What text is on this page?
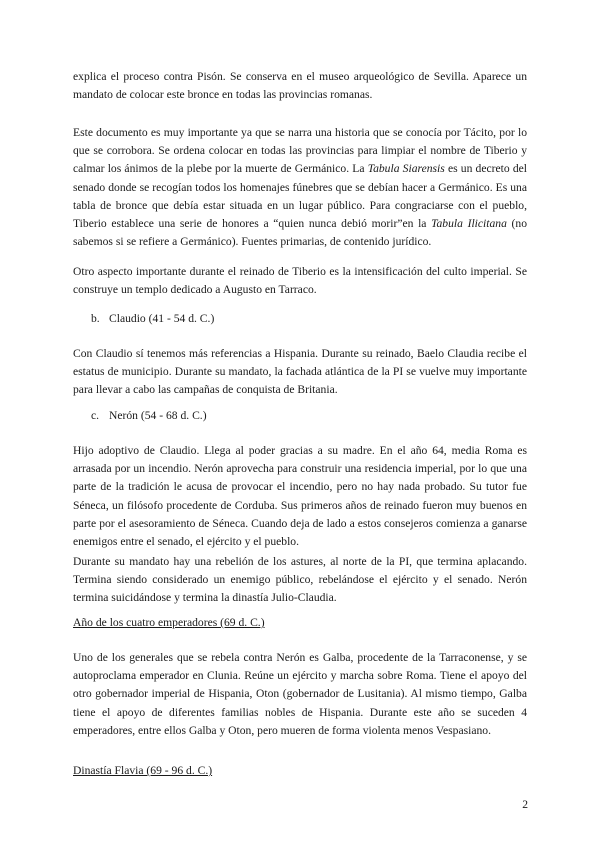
explica el proceso contra Pisón. Se conserva en el museo arqueológico de Sevilla. Aparece un mandato de colocar este bronce en todas las provincias romanas.

Este documento es muy importante ya que se narra una historia que se conocía por Tácito, por lo que se corrobora. Se ordena colocar en todas las provincias para limpiar el nombre de Tiberio y calmar los ánimos de la plebe por la muerte de Germánico. La Tabula Siarensis es un decreto del senado donde se recogían todos los homenajes fúnebres que se debían hacer a Germánico. Es una tabla de bronce que debía estar situada en un lugar público. Para congraciarse con el pueblo, Tiberio establece una serie de honores a “quien nunca debió morir”en la Tabula Ilicitana (no sabemos si se refiere a Germánico). Fuentes primarias, de contenido jurídico.

Otro aspecto importante durante el reinado de Tiberio es la intensificación del culto imperial. Se construye un templo dedicado a Augusto en Tarraco.

b. Claudio (41 - 54 d. C.)

Con Claudio sí tenemos más referencias a Hispania. Durante su reinado, Baelo Claudia recibe el estatus de municipio. Durante su mandato, la fachada atlántica de la PI se vuelve muy importante para llevar a cabo las campañas de conquista de Britania.

c. Nerón (54 - 68 d. C.)

Hijo adoptivo de Claudio. Llega al poder gracias a su madre. En el año 64, media Roma es arrasada por un incendio. Nerón aprovecha para construir una residencia imperial, por lo que una parte de la tradición le acusa de provocar el incendio, pero no hay nada probado. Su tutor fue Séneca, un filósofo procedente de Corduba. Sus primeros años de reinado fueron muy buenos en parte por el asesoramiento de Séneca. Cuando deja de lado a estos consejeros comienza a ganarse enemigos entre el senado, el ejército y el pueblo.

Durante su mandato hay una rebelión de los astures, al norte de la PI, que termina aplacando. Termina siendo considerado un enemigo público, rebelándose el ejército y el senado. Nerón termina suicidándose y termina la dinastía Julio-Claudia.

Año de los cuatro emperadores (69 d. C.)

Uno de los generales que se rebela contra Nerón es Galba, procedente de la Tarraconense, y se autoproclama emperador en Clunia. Reúne un ejército y marcha sobre Roma. Tiene el apoyo del otro gobernador imperial de Hispania, Oton (gobernador de Lusitania). Al mismo tiempo, Galba tiene el apoyo de diferentes familias nobles de Hispania. Durante este año se suceden 4 emperadores, entre ellos Galba y Oton, pero mueren de forma violenta menos Vespasiano.

Dinastía Flavia (69 - 96 d. C.)

2
